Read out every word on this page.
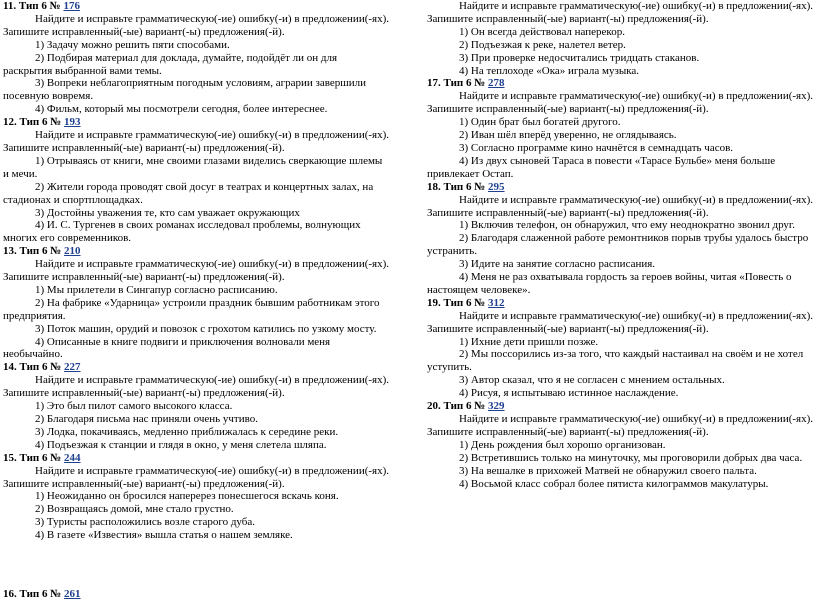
11. Тип 6 № 176
Найдите и исправьте грамматическую(-ие) ошибку(-и) в предложении(-ях). Запишите исправленный(-ые) вариант(-ы) предложения(-й).
1) Задачу можно решить пяти способами.
2) Подбирая материал для доклада, думайте, подойдёт ли он для раскрытия выбранной вами темы.
3) Вопреки неблагоприятным погодным условиям, аграрии завершили посевную вовремя.
4) Фильм, который мы посмотрели сегодня, более интереснее.
12. Тип 6 № 193
Найдите и исправьте грамматическую(-ие) ошибку(-и) в предложении(-ях). Запишите исправленный(-ые) вариант(-ы) предложения(-й).
1) Отрываясь от книги, мне своими глазами виделись сверкающие шлемы и мечи.
2) Жители города проводят свой досуг в театрах и концертных залах, на стадионах и спортплощадках.
3) Достойны уважения те, кто сам уважает окружающих
4) И. С. Тургенев в своих романах исследовал проблемы, волнующих многих его современников.
13. Тип 6 № 210
Найдите и исправьте грамматическую(-ие) ошибку(-и) в предложении(-ях). Запишите исправленный(-ые) вариант(-ы) предложения(-й).
1) Мы прилетели в Сингапур согласно расписанию.
2) На фабрике «Ударница» устроили праздник бывшим работникам этого предприятия.
3) Поток машин, орудий и повозок с грохотом катились по узкому мосту.
4) Описанные в книге подвиги и приключения волновали меня необычайно.
14. Тип 6 № 227
Найдите и исправьте грамматическую(-ие) ошибку(-и) в предложении(-ях). Запишите исправленный(-ые) вариант(-ы) предложения(-й).
1) Это был пилот самого высокого класса.
2) Благодаря письма нас приняли очень учтиво.
3) Лодка, покачиваясь, медленно приближалась к середине реки.
4) Подъезжая к станции и глядя в окно, у меня слетела шляпа.
15. Тип 6 № 244
Найдите и исправьте грамматическую(-ие) ошибку(-и) в предложении(-ях). Запишите исправленный(-ые) вариант(-ы) предложения(-й).
1) Неожиданно он бросился наперерез понесшегося вскачь коня.
2) Возвращаясь домой, мне стало грустно.
3) Туристы расположились возле старого дуба.
4) В газете «Известия» вышла статья о нашем земляке.
Найдите и исправьте грамматическую(-ие) ошибку(-и) в предложении(-ях). Запишите исправленный(-ые) вариант(-ы) предложения(-й).
1) Он всегда действовал наперекор.
2) Подъезжая к реке, налетел ветер.
3) При проверке недосчитались тридцать стаканов.
4) На теплоходе «Ока» играла музыка.
17. Тип 6 № 278
Найдите и исправьте грамматическую(-ие) ошибку(-и) в предложении(-ях). Запишите исправленный(-ые) вариант(-ы) предложения(-й).
1) Один брат был богатей другого.
2) Иван шёл вперёд уверенно, не оглядываясь.
3) Согласно программе кино начнётся в семнадцать часов.
4) Из двух сыновей Тараса в повести «Тарасе Бульбе» меня больше привлекает Остап.
18. Тип 6 № 295
Найдите и исправьте грамматическую(-ие) ошибку(-и) в предложении(-ях). Запишите исправленный(-ые) вариант(-ы) предложения(-й).
1) Включив телефон, он обнаружил, что ему неоднократно звонил друг.
2) Благодаря слаженной работе ремонтников порыв трубы удалось быстро устранить.
3) Идите на занятие согласно расписания.
4) Меня не раз охватывала гордость за героев войны, читая «Повесть о настоящем человеке».
19. Тип 6 № 312
Найдите и исправьте грамматическую(-ие) ошибку(-и) в предложении(-ях). Запишите исправленный(-ые) вариант(-ы) предложения(-й).
1) Ихние дети пришли позже.
2) Мы поссорились из-за того, что каждый настаивал на своём и не хотел уступить.
3) Автор сказал, что я не согласен с мнением остальных.
4) Рисуя, я испытываю истинное наслаждение.
20. Тип 6 № 329
Найдите и исправьте грамматическую(-ие) ошибку(-и) в предложении(-ях). Запишите исправленный(-ые) вариант(-ы) предложения(-й).
1) День рождения был хорошо организован.
2) Встретившись только на минуточку, мы проговорили добрых два часа.
3) На вешалке в прихожей Матвей не обнаружил своего пальта.
4) Восьмой класс собрал более пятиста килограммов макулатуры.
16. Тип 6 № 261
